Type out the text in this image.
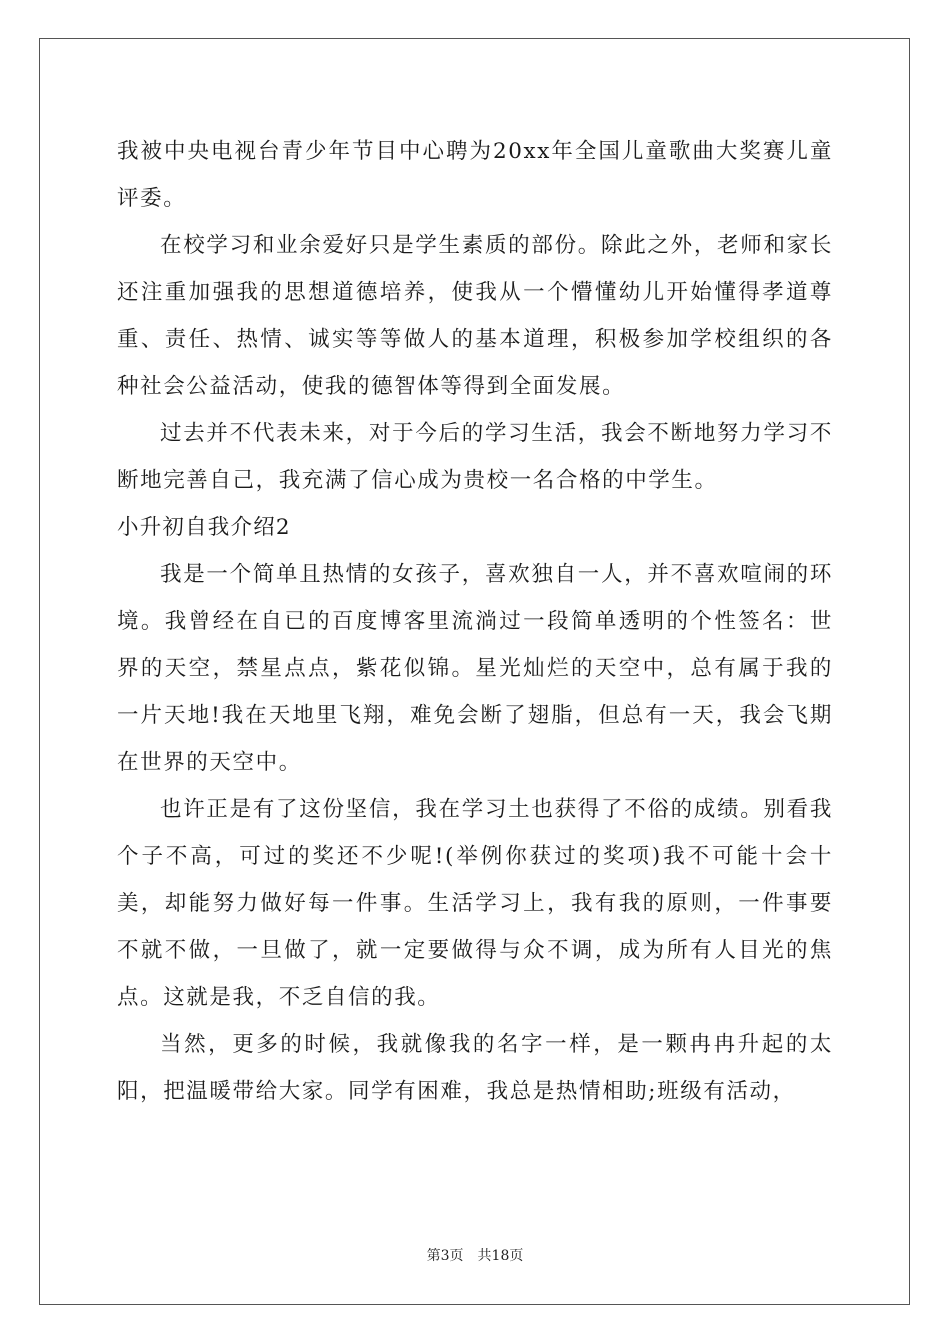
我被中央电视台青少年节目中心聘为20xx年全国儿童歌曲大奖赛儿童评委。

在校学习和业余爱好只是学生素质的部份。除此之外，老师和家长还注重加强我的思想道德培养，使我从一个懵懂幼儿开始懂得孝道尊重、责任、热情、诚实等等做人的基本道理，积极参加学校组织的各种社会公益活动，使我的德智体等得到全面发展。

过去并不代表未来，对于今后的学习生活，我会不断地努力学习不断地完善自己，我充满了信心成为贵校一名合格的中学生。

小升初自我介绍2

我是一个简单且热情的女孩子，喜欢独自一人，并不喜欢喧闹的环境。我曾经在自已的百度博客里流淌过一段简单透明的个性签名：世界的天空，禁星点点，紫花似锦。星光灿烂的天空中，总有属于我的一片天地!我在天地里飞翔，难免会断了翅脂，但总有一天，我会飞期在世界的天空中。

也许正是有了这份坚信，我在学习土也获得了不俗的成绩。别看我个子不高，可过的奖还不少呢!(举例你获过的奖项)我不可能十会十美，却能努力做好每一件事。生活学习上，我有我的原则，一件事要不就不做，一旦做了，就一定要做得与众不调，成为所有人目光的焦点。这就是我，不乏自信的我。

当然，更多的时候，我就像我的名字一样，是一颗冉冉升起的太阳，把温暖带给大家。同学有困难，我总是热情相助;班级有活动，

第3页　共18页
